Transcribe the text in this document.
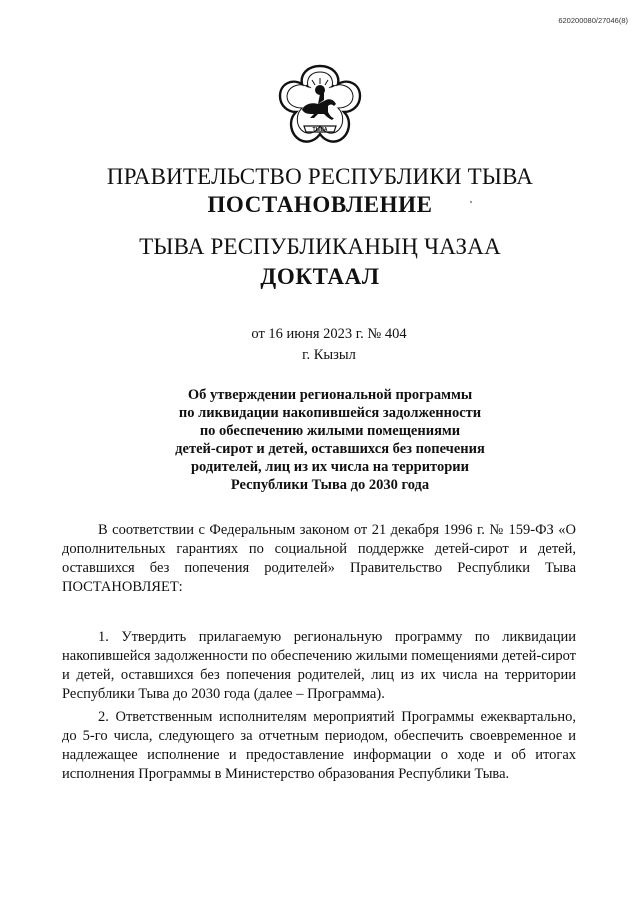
620200080/27046(8)
ТЫВА
ПРАВИТЕЛЬСТВО РЕСПУБЛИКИ ТЫВА
ПОСТАНОВЛЕНИЕ
ТЫВА РЕСПУБЛИКАНЫҢ ЧАЗАА
ДОКТААЛ
от 16 июня 2023 г. № 404
г. Кызыл
Об утверждении региональной программы
по ликвидации накопившейся задолженности
по обеспечению жилыми помещениями
детей-сирот и детей, оставшихся без попечения
родителей, лиц из их числа на территории
Республики Тыва до 2030 года
В соответствии с Федеральным законом от 21 декабря 1996 г. № 159-ФЗ «О дополнительных гарантиях по социальной поддержке детей-сирот и детей, оставшихся без попечения родителей» Правительство Республики Тыва ПОСТАНОВЛЯЕТ:
1. Утвердить прилагаемую региональную программу по ликвидации накопившейся задолженности по обеспечению жилыми помещениями детей-сирот и детей, оставшихся без попечения родителей, лиц из их числа на территории Республики Тыва до 2030 года (далее – Программа).
2. Ответственным исполнителям мероприятий Программы ежеквартально, до 5-го числа, следующего за отчетным периодом, обеспечить своевременное и надлежащее исполнение и предоставление информации о ходе и об итогах исполнения Программы в Министерство образования Республики Тыва.
